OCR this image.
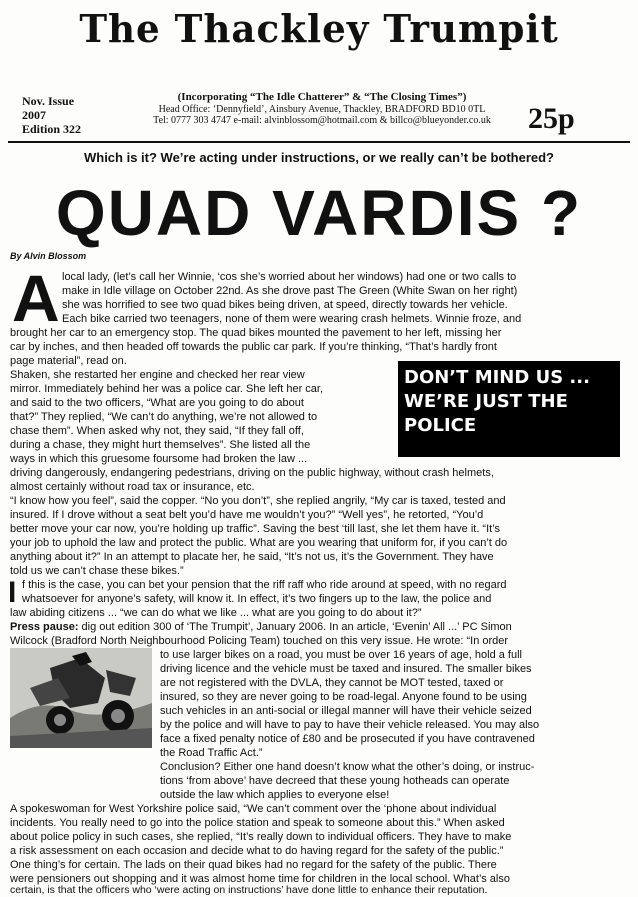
The Thackley Trumpit
Nov. Issue
2007
Edition 322
(Incorporating “The Idle Chatterer” & “The Closing Times”)
Head Office: ‘Dennyfield’, Ainsbury Avenue, Thackley, BRADFORD BD10 0TL
Tel: 0777 303 4747 e-mail: alvinblossom@hotmail.com & billco@blueyonder.co.uk	25p
Which is it? We’re acting under instructions, or we really can’t be bothered?
QUAD VARDIS ?
By Alvin Blossom
A local lady, (let’s call her Winnie, ‘cos she’s worried about her windows) had one or two calls to
make in Idle village on October 22nd. As she drove past The Green (White Swan on her right)
she was horrified to see two quad bikes being driven, at speed, directly towards her vehicle.
Each bike carried two teenagers, none of them were wearing crash helmets. Winnie froze, and
brought her car to an emergency stop. The quad bikes mounted the pavement to her left, missing her
car by inches, and then headed off towards the public car park. If you’re thinking, “That’s hardly front
page material”, read on.
Shaken, she restarted her engine and checked her rear view
mirror. Immediately behind her was a police car. She left her car,
and said to the two officers, “What are you going to do about
that?” They replied, “We can’t do anything, we’re not allowed to
chase them”. When asked why not, they said, “If they fall off,
during a chase, they might hurt themselves”. She listed all the
ways in which this gruesome foursome had broken the law ...
driving dangerously, endangering pedestrians, driving on the public highway, without crash helmets,
almost certainly without road tax or insurance, etc.
“I know how you feel”, said the copper. “No you don’t”, she replied angrily, “My car is taxed, tested and
insured. If I drove without a seat belt you’d have me wouldn’t you?” “Well yes”, he retorted, “You’d
better move your car now, you’re holding up traffic”. Saving the best ‘till last, she let them have it. “It’s
your job to uphold the law and protect the public. What are you wearing that uniform for, if you can’t do
anything about it?” In an attempt to placate her, he said, “It’s not us, it’s the Government. They have
told us we can’t chase these bikes.”
DON’T MIND US ...
WE’RE JUST THE
POLICE
I f this is the case, you can bet your pension that the riff raff who ride around at speed, with no regard
whatsoever for anyone’s safety, will know it. In effect, it’s two fingers up to the law, the police and
law abiding citizens ... “we can do what we like ... what are you going to do about it?”
Press pause: dig out edition 300 of ‘The Trumpit’, January 2006. In an article, ‘Evenin’ All ...’ PC Simon
Wilcock (Bradford North Neighbourhood Policing Team) touched on this very issue. He wrote: “In order
to use larger bikes on a road, you must be over 16 years of age, hold a full
driving licence and the vehicle must be taxed and insured. The smaller bikes
are not registered with the DVLA, they cannot be MOT tested, taxed or
insured, so they are never going to be road-legal. Anyone found to be using
such vehicles in an anti-social or illegal manner will have their vehicle seized
by the police and will have to pay to have their vehicle released. You may also
face a fixed penalty notice of £80 and be prosecuted if you have contravened
the Road Traffic Act.”
Conclusion? Either one hand doesn’t know what the other’s doing, or instruc-
tions ‘from above’ have decreed that these young hotheads can operate
outside the law which applies to everyone else!
A spokeswoman for West Yorkshire police said, “We can’t comment over the ‘phone about individual
incidents. You really need to go into the police station and speak to someone about this.” When asked
about police policy in such cases, she replied, “It’s really down to individual officers. They have to make
a risk assessment on each occasion and decide what to do having regard for the safety of the public.”
One thing’s for certain. The lads on their quad bikes had no regard for the safety of the public. There
were pensioners out shopping and it was almost home time for children in the local school. What’s also
certain, is that the officers who ‘were acting on instructions’ have done little to enhance their reputation.
